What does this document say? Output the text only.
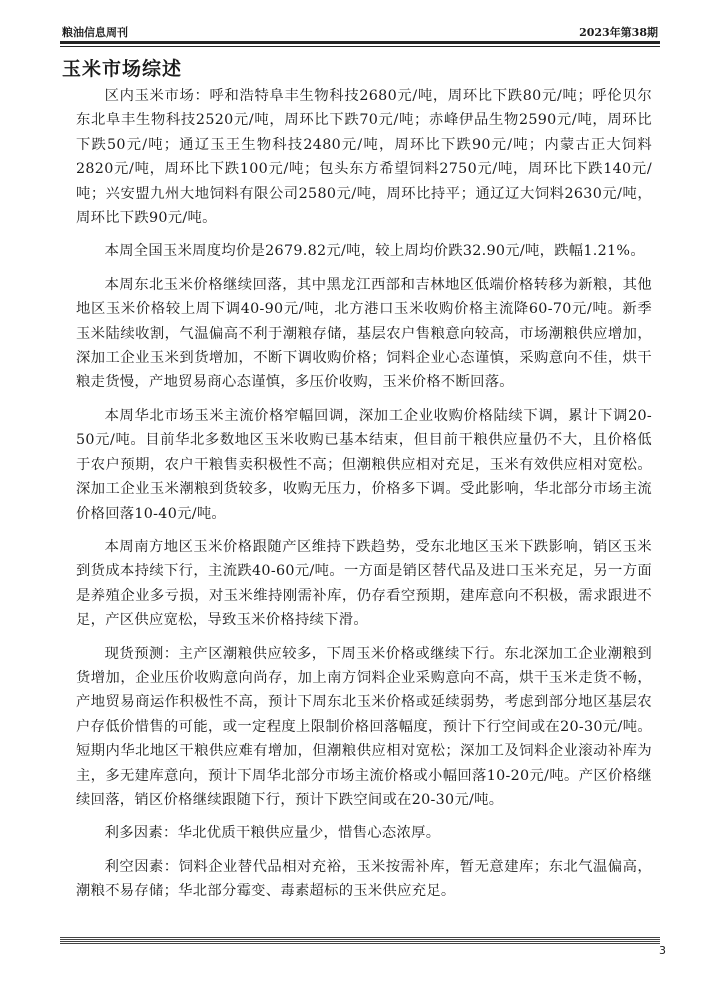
粮油信息周刊	2023年第38期
玉米市场综述

区内玉米市场：呼和浩特阜丰生物科技2680元/吨，周环比下跌80元/吨；呼伦贝尔东北阜丰生物科技2520元/吨，周环比下跌70元/吨；赤峰伊品生物2590元/吨，周环比下跌50元/吨；通辽玉王生物科技2480元/吨，周环比下跌90元/吨；内蒙古正大饲料2820元/吨，周环比下跌100元/吨；包头东方希望饲料2750元/吨，周环比下跌140元/吨；兴安盟九州大地饲料有限公司2580元/吨，周环比持平；通辽辽大饲料2630元/吨，周环比下跌90元/吨。

本周全国玉米周度均价是2679.82元/吨，较上周均价跌32.90元/吨，跌幅1.21%。

本周东北玉米价格继续回落，其中黑龙江西部和吉林地区低端价格转移为新粮，其他地区玉米价格较上周下调40-90元/吨，北方港口玉米收购价格主流降60-70元/吨。新季玉米陆续收割，气温偏高不利于潮粮存储，基层农户售粮意向较高，市场潮粮供应增加，深加工企业玉米到货增加，不断下调收购价格；饲料企业心态谨慎，采购意向不佳，烘干粮走货慢，产地贸易商心态谨慎，多压价收购，玉米价格不断回落。

本周华北市场玉米主流价格窄幅回调，深加工企业收购价格陆续下调，累计下调20-50元/吨。目前华北多数地区玉米收购已基本结束，但目前干粮供应量仍不大，且价格低于农户预期，农户干粮售卖积极性不高；但潮粮供应相对充足，玉米有效供应相对宽松。深加工企业玉米潮粮到货较多，收购无压力，价格多下调。受此影响，华北部分市场主流价格回落10-40元/吨。

本周南方地区玉米价格跟随产区维持下跌趋势，受东北地区玉米下跌影响，销区玉米到货成本持续下行，主流跌40-60元/吨。一方面是销区替代品及进口玉米充足，另一方面是养殖企业多亏损，对玉米维持刚需补库，仍存看空预期，建库意向不积极，需求跟进不足，产区供应宽松，导致玉米价格持续下滑。

现货预测：主产区潮粮供应较多，下周玉米价格或继续下行。东北深加工企业潮粮到货增加，企业压价收购意向尚存，加上南方饲料企业采购意向不高，烘干玉米走货不畅，产地贸易商运作积极性不高，预计下周东北玉米价格或延续弱势，考虑到部分地区基层农户存低价惜售的可能，或一定程度上限制价格回落幅度，预计下行空间或在20-30元/吨。短期内华北地区干粮供应难有增加，但潮粮供应相对宽松；深加工及饲料企业滚动补库为主，多无建库意向，预计下周华北部分市场主流价格或小幅回落10-20元/吨。产区价格继续回落，销区价格继续跟随下行，预计下跌空间或在20-30元/吨。

利多因素：华北优质干粮供应量少，惜售心态浓厚。

利空因素：饲料企业替代品相对充裕，玉米按需补库，暂无意建库；东北气温偏高，潮粮不易存储；华北部分霉变、毒素超标的玉米供应充足。

3
